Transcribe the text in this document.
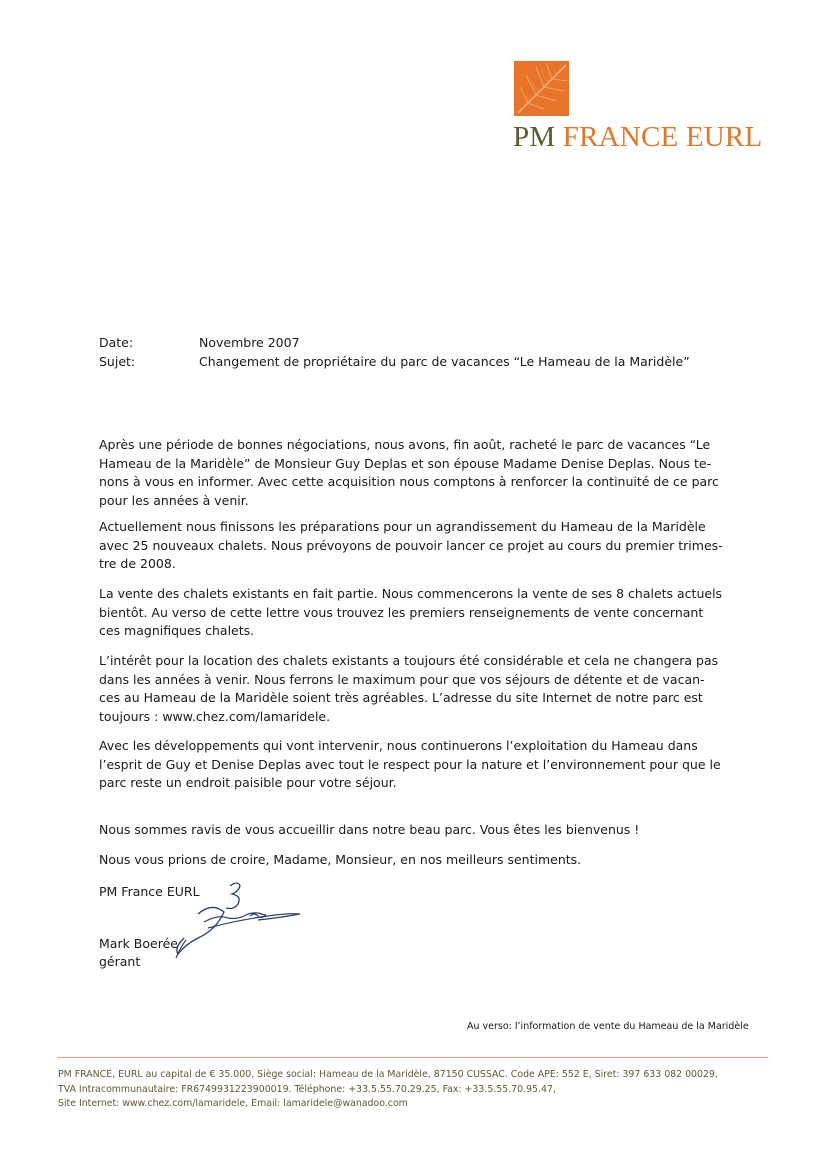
PM FRANCE EURL
Date:	Novembre 2007
Sujet:	Changement de propriétaire du parc de vacances “Le Hameau de la Maridèle”

Après une période de bonnes négociations, nous avons, fin août, racheté le parc de vacances “Le

Hameau de la Maridèle” de Monsieur Guy Deplas et son épouse Madame Denise Deplas. Nous te-

nons à vous en informer. Avec cette acquisition nous comptons à renforcer la continuité de ce parc

pour les années à venir.

Actuellement nous finissons les préparations pour un agrandissement du Hameau de la Maridèle

avec 25 nouveaux chalets. Nous prévoyons de pouvoir lancer ce projet au cours du premier trimes-

tre de 2008.

La vente des chalets existants en fait partie. Nous commencerons la vente de ses 8 chalets actuels

bientôt. Au verso de cette lettre vous trouvez les premiers renseignements de vente concernant

ces magnifiques chalets.

L’intérêt pour la location des chalets existants a toujours été considérable et cela ne changera pas

dans les années à venir. Nous ferrons le maximum pour que vos séjours de détente et de vacan-

ces au Hameau de la Maridèle soient très agréables. L’adresse du site Internet de notre parc est

toujours : www.chez.com/lamaridele.

Avec les développements qui vont intervenir, nous continuerons l’exploitation du Hameau dans

l’esprit de Guy et Denise Deplas avec tout le respect pour la nature et l’environnement pour que le

parc reste un endroit paisible pour votre séjour.

Nous sommes ravis de vous accueillir dans notre beau parc. Vous êtes les bienvenus !

Nous vous prions de croire, Madame, Monsieur, en nos meilleurs sentiments.

PM France EURL
Mark Boerée
gérant
Au verso: l’information de vente du Hameau de la Maridèle
PM FRANCE, EURL au capital de € 35.000, Siège social: Hameau de la Maridèle, 87150 CUSSAC. Code APE: 552 E, Siret: 397 633 082 00029,
TVA Intracommunautaire: FR6749931223900019. Téléphone: +33.5.55.70.29.25, Fax: +33.5.55.70.95.47,
Site Internet: www.chez.com/lamaridele, Email: lamaridele@wanadoo.com
